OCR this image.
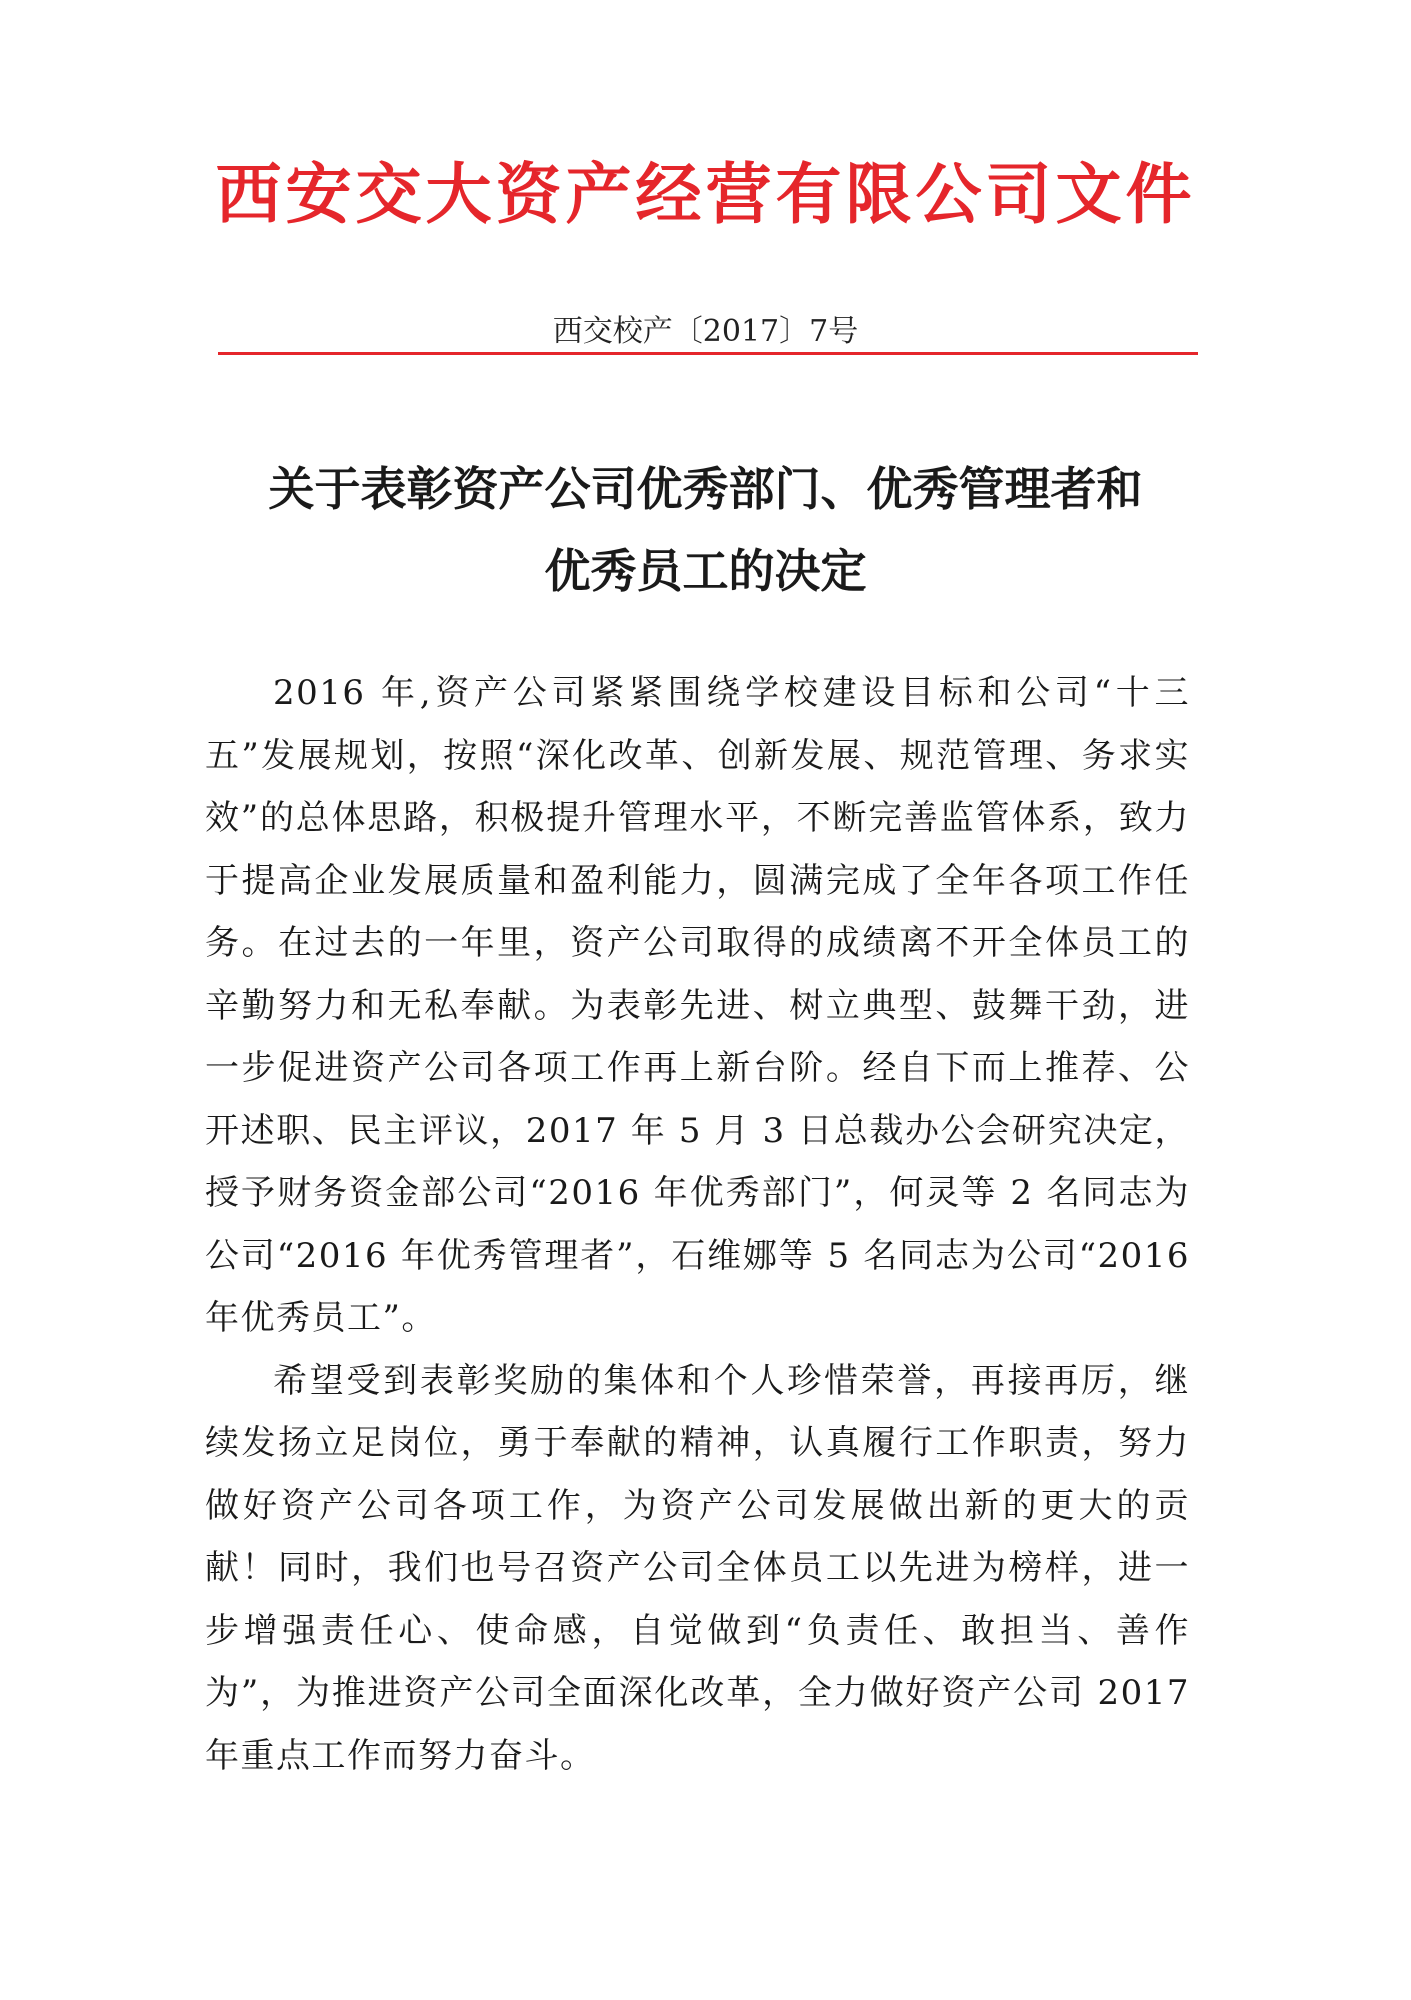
西安交大资产经营有限公司文件
西交校产〔2017〕7号
关于表彰资产公司优秀部门、优秀管理者和
优秀员工的决定

2016 年,资产公司紧紧围绕学校建设目标和公司“十三五”发展规划，按照“深化改革、创新发展、规范管理、务求实效”的总体思路，积极提升管理水平，不断完善监管体系，致力于提高企业发展质量和盈利能力，圆满完成了全年各项工作任务。在过去的一年里，资产公司取得的成绩离不开全体员工的辛勤努力和无私奉献。为表彰先进、树立典型、鼓舞干劲，进一步促进资产公司各项工作再上新台阶。经自下而上推荐、公开述职、民主评议，2017 年 5 月 3 日总裁办公会研究决定，授予财务资金部公司“2016 年优秀部门”，何灵等 2 名同志为公司“2016 年优秀管理者”，石维娜等 5 名同志为公司“2016 年优秀员工”。

希望受到表彰奖励的集体和个人珍惜荣誉，再接再厉，继续发扬立足岗位，勇于奉献的精神，认真履行工作职责，努力做好资产公司各项工作，为资产公司发展做出新的更大的贡献！同时，我们也号召资产公司全体员工以先进为榜样，进一步增强责任心、使命感，自觉做到“负责任、敢担当、善作为”，为推进资产公司全面深化改革，全力做好资产公司 2017 年重点工作而努力奋斗。
